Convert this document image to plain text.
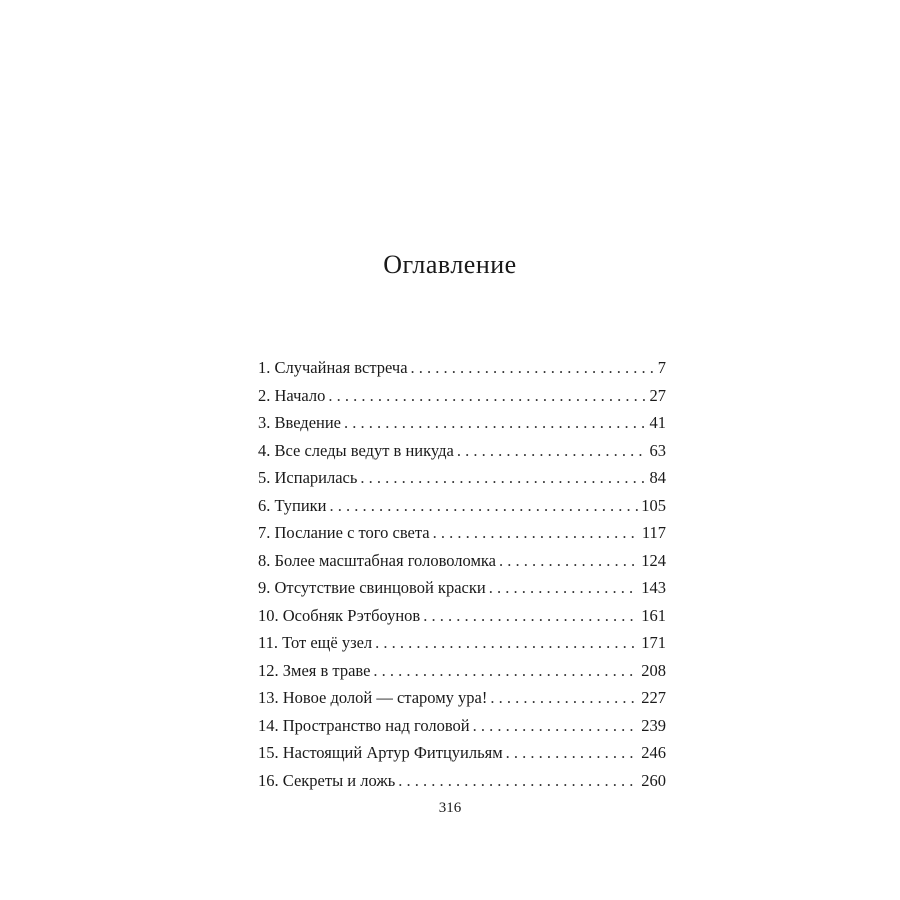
Оглавление
1. Случайная встреча . . .	7
2. Начало . . .	27
3. Введение . . .	41
4. Все следы ведут в никуда . . .	63
5. Испарилась . . .	84
6. Тупики . . .	105
7. Послание с того света . . .	117
8. Более масштабная головоломка . . .	124
9. Отсутствие свинцовой краски . . .	143
10. Особняк Рэтбоунов . . .	161
11. Тот ещё узел . . .	171
12. Змея в траве . . .	208
13. Новое долой — старому ура! . . .	227
14. Пространство над головой . . .	239
15. Настоящий Артур Фитцуильям . . .	246
16. Секреты и ложь . . .	260
316
